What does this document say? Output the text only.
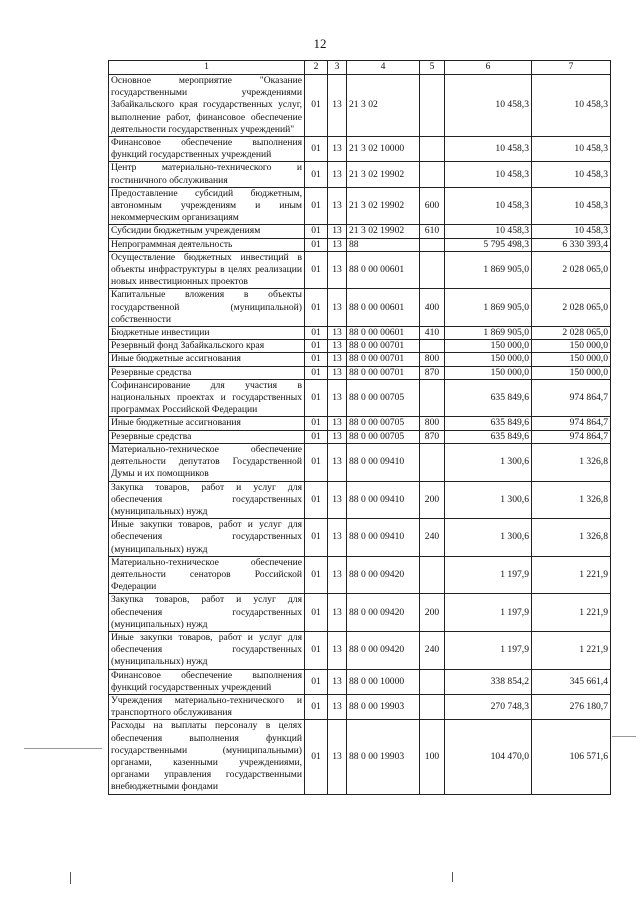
12
1	2	3	4	5	6	7
Основное мероприятие "Оказание государственными учреждениями Забайкальского края государственных услуг, выполнение работ, финансовое обеспечение деятельности государственных учреждений"	01	13	21 3 02		10 458,3	10 458,3
Финансовое обеспечение выполнения функций государственных учреждений	01	13	21 3 02 10000		10 458,3	10 458,3
Центр материально-технического и гостиничного обслуживания	01	13	21 3 02 19902		10 458,3	10 458,3
Предоставление субсидий бюджетным, автономным учреждениям и иным некоммерческим организациям	01	13	21 3 02 19902	600	10 458,3	10 458,3
Субсидии бюджетным учреждениям	01	13	21 3 02 19902	610	10 458,3	10 458,3
Непрограммная деятельность	01	13	88		5 795 498,3	6 330 393,4
Осуществление бюджетных инвестиций в объекты инфраструктуры в целях реализации новых инвестиционных проектов	01	13	88 0 00 00601		1 869 905,0	2 028 065,0
Капитальные вложения в объекты государственной (муниципальной) собственности	01	13	88 0 00 00601	400	1 869 905,0	2 028 065,0
Бюджетные инвестиции	01	13	88 0 00 00601	410	1 869 905,0	2 028 065,0
Резервный фонд Забайкальского края	01	13	88 0 00 00701		150 000,0	150 000,0
Иные бюджетные ассигнования	01	13	88 0 00 00701	800	150 000,0	150 000,0
Резервные средства	01	13	88 0 00 00701	870	150 000,0	150 000,0
Софинансирование для участия в национальных проектах и государственных программах Российской Федерации	01	13	88 0 00 00705		635 849,6	974 864,7
Иные бюджетные ассигнования	01	13	88 0 00 00705	800	635 849,6	974 864,7
Резервные средства	01	13	88 0 00 00705	870	635 849,6	974 864,7
Материально-техническое обеспечение деятельности депутатов Государственной Думы и их помощников	01	13	88 0 00 09410		1 300,6	1 326,8
Закупка товаров, работ и услуг для обеспечения государственных (муниципальных) нужд	01	13	88 0 00 09410	200	1 300,6	1 326,8
Иные закупки товаров, работ и услуг для обеспечения государственных (муниципальных) нужд	01	13	88 0 00 09410	240	1 300,6	1 326,8
Материально-техническое обеспечение деятельности сенаторов Российской Федерации	01	13	88 0 00 09420		1 197,9	1 221,9
Закупка товаров, работ и услуг для обеспечения государственных (муниципальных) нужд	01	13	88 0 00 09420	200	1 197,9	1 221,9
Иные закупки товаров, работ и услуг для обеспечения государственных (муниципальных) нужд	01	13	88 0 00 09420	240	1 197,9	1 221,9
Финансовое обеспечение выполнения функций государственных учреждений	01	13	88 0 00 10000		338 854,2	345 661,4
Учреждения материально-технического и транспортного обслуживания	01	13	88 0 00 19903		270 748,3	276 180,7
Расходы на выплаты персоналу в целях обеспечения выполнения функций государственными (муниципальными) органами, казенными учреждениями, органами управления государственными внебюджетными фондами	01	13	88 0 00 19903	100	104 470,0	106 571,6
